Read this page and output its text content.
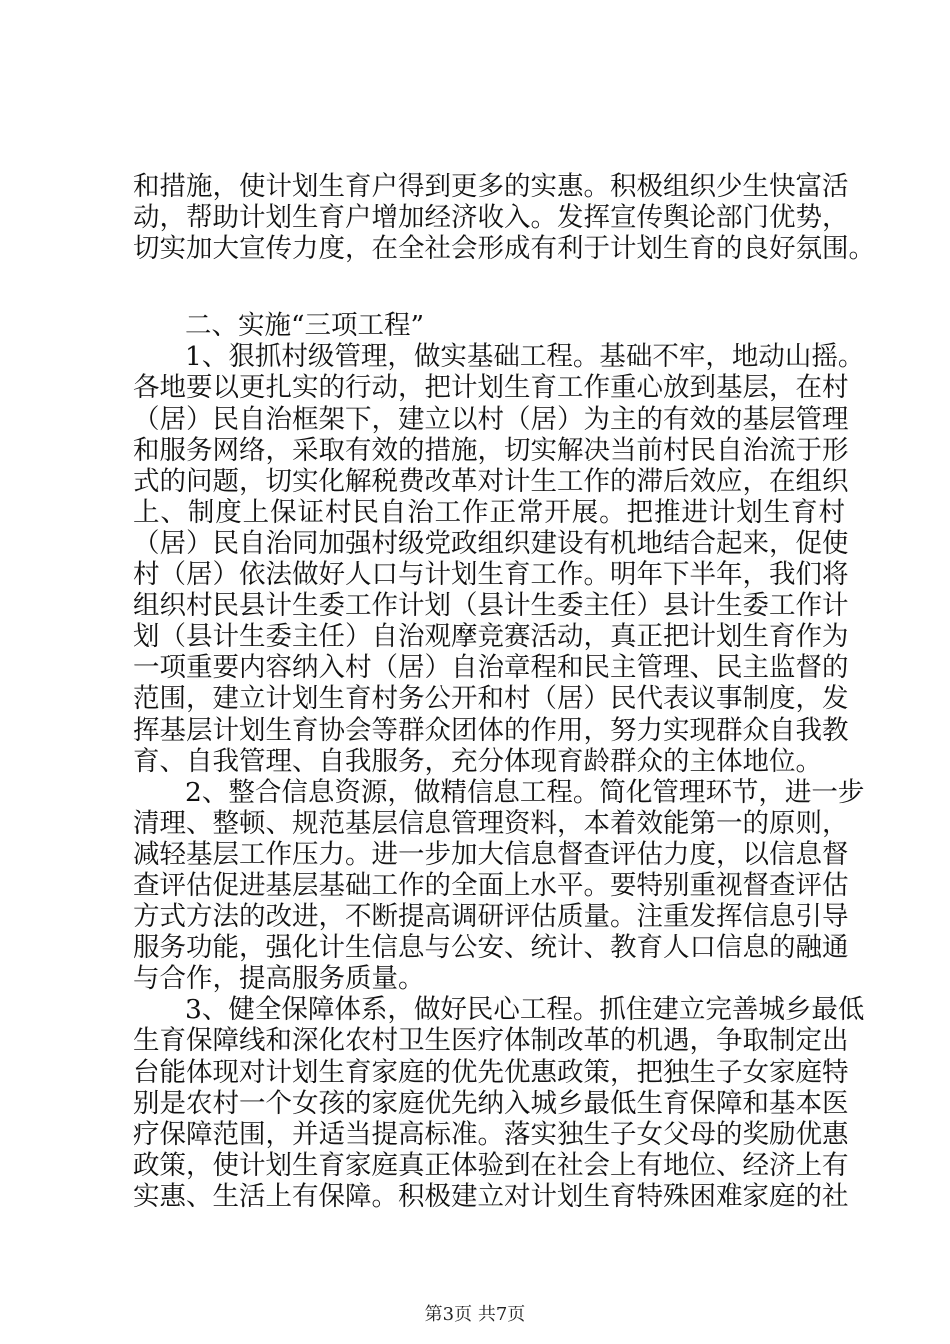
和措施，使计划生育户得到更多的实惠。积极组织少生快富活
动，帮助计划生育户增加经济收入。发挥宣传舆论部门优势，
切实加大宣传力度，在全社会形成有利于计划生育的良好氛围。
二、实施“三项工程”
1、狠抓村级管理，做实基础工程。基础不牢，地动山摇。
各地要以更扎实的行动，把计划生育工作重心放到基层，在村
（居）民自治框架下，建立以村（居）为主的有效的基层管理
和服务网络，采取有效的措施，切实解决当前村民自治流于形
式的问题，切实化解税费改革对计生工作的滞后效应，在组织
上、制度上保证村民自治工作正常开展。把推进计划生育村
（居）民自治同加强村级党政组织建设有机地结合起来，促使
村（居）依法做好人口与计划生育工作。明年下半年，我们将
组织村民县计生委工作计划（县计生委主任）县计生委工作计
划（县计生委主任）自治观摩竞赛活动，真正把计划生育作为
一项重要内容纳入村（居）自治章程和民主管理、民主监督的
范围，建立计划生育村务公开和村（居）民代表议事制度，发
挥基层计划生育协会等群众团体的作用，努力实现群众自我教
育、自我管理、自我服务，充分体现育龄群众的主体地位。
2、整合信息资源，做精信息工程。简化管理环节，进一步
清理、整顿、规范基层信息管理资料，本着效能第一的原则，
减轻基层工作压力。进一步加大信息督查评估力度，以信息督
查评估促进基层基础工作的全面上水平。要特别重视督查评估
方式方法的改进，不断提高调研评估质量。注重发挥信息引导
服务功能，强化计生信息与公安、统计、教育人口信息的融通
与合作，提高服务质量。
3、健全保障体系，做好民心工程。抓住建立完善城乡最低
生育保障线和深化农村卫生医疗体制改革的机遇，争取制定出
台能体现对计划生育家庭的优先优惠政策，把独生子女家庭特
别是农村一个女孩的家庭优先纳入城乡最低生育保障和基本医
疗保障范围，并适当提高标准。落实独生子女父母的奖励优惠
政策，使计划生育家庭真正体验到在社会上有地位、经济上有
实惠、生活上有保障。积极建立对计划生育特殊困难家庭的社
第3页 共7页
